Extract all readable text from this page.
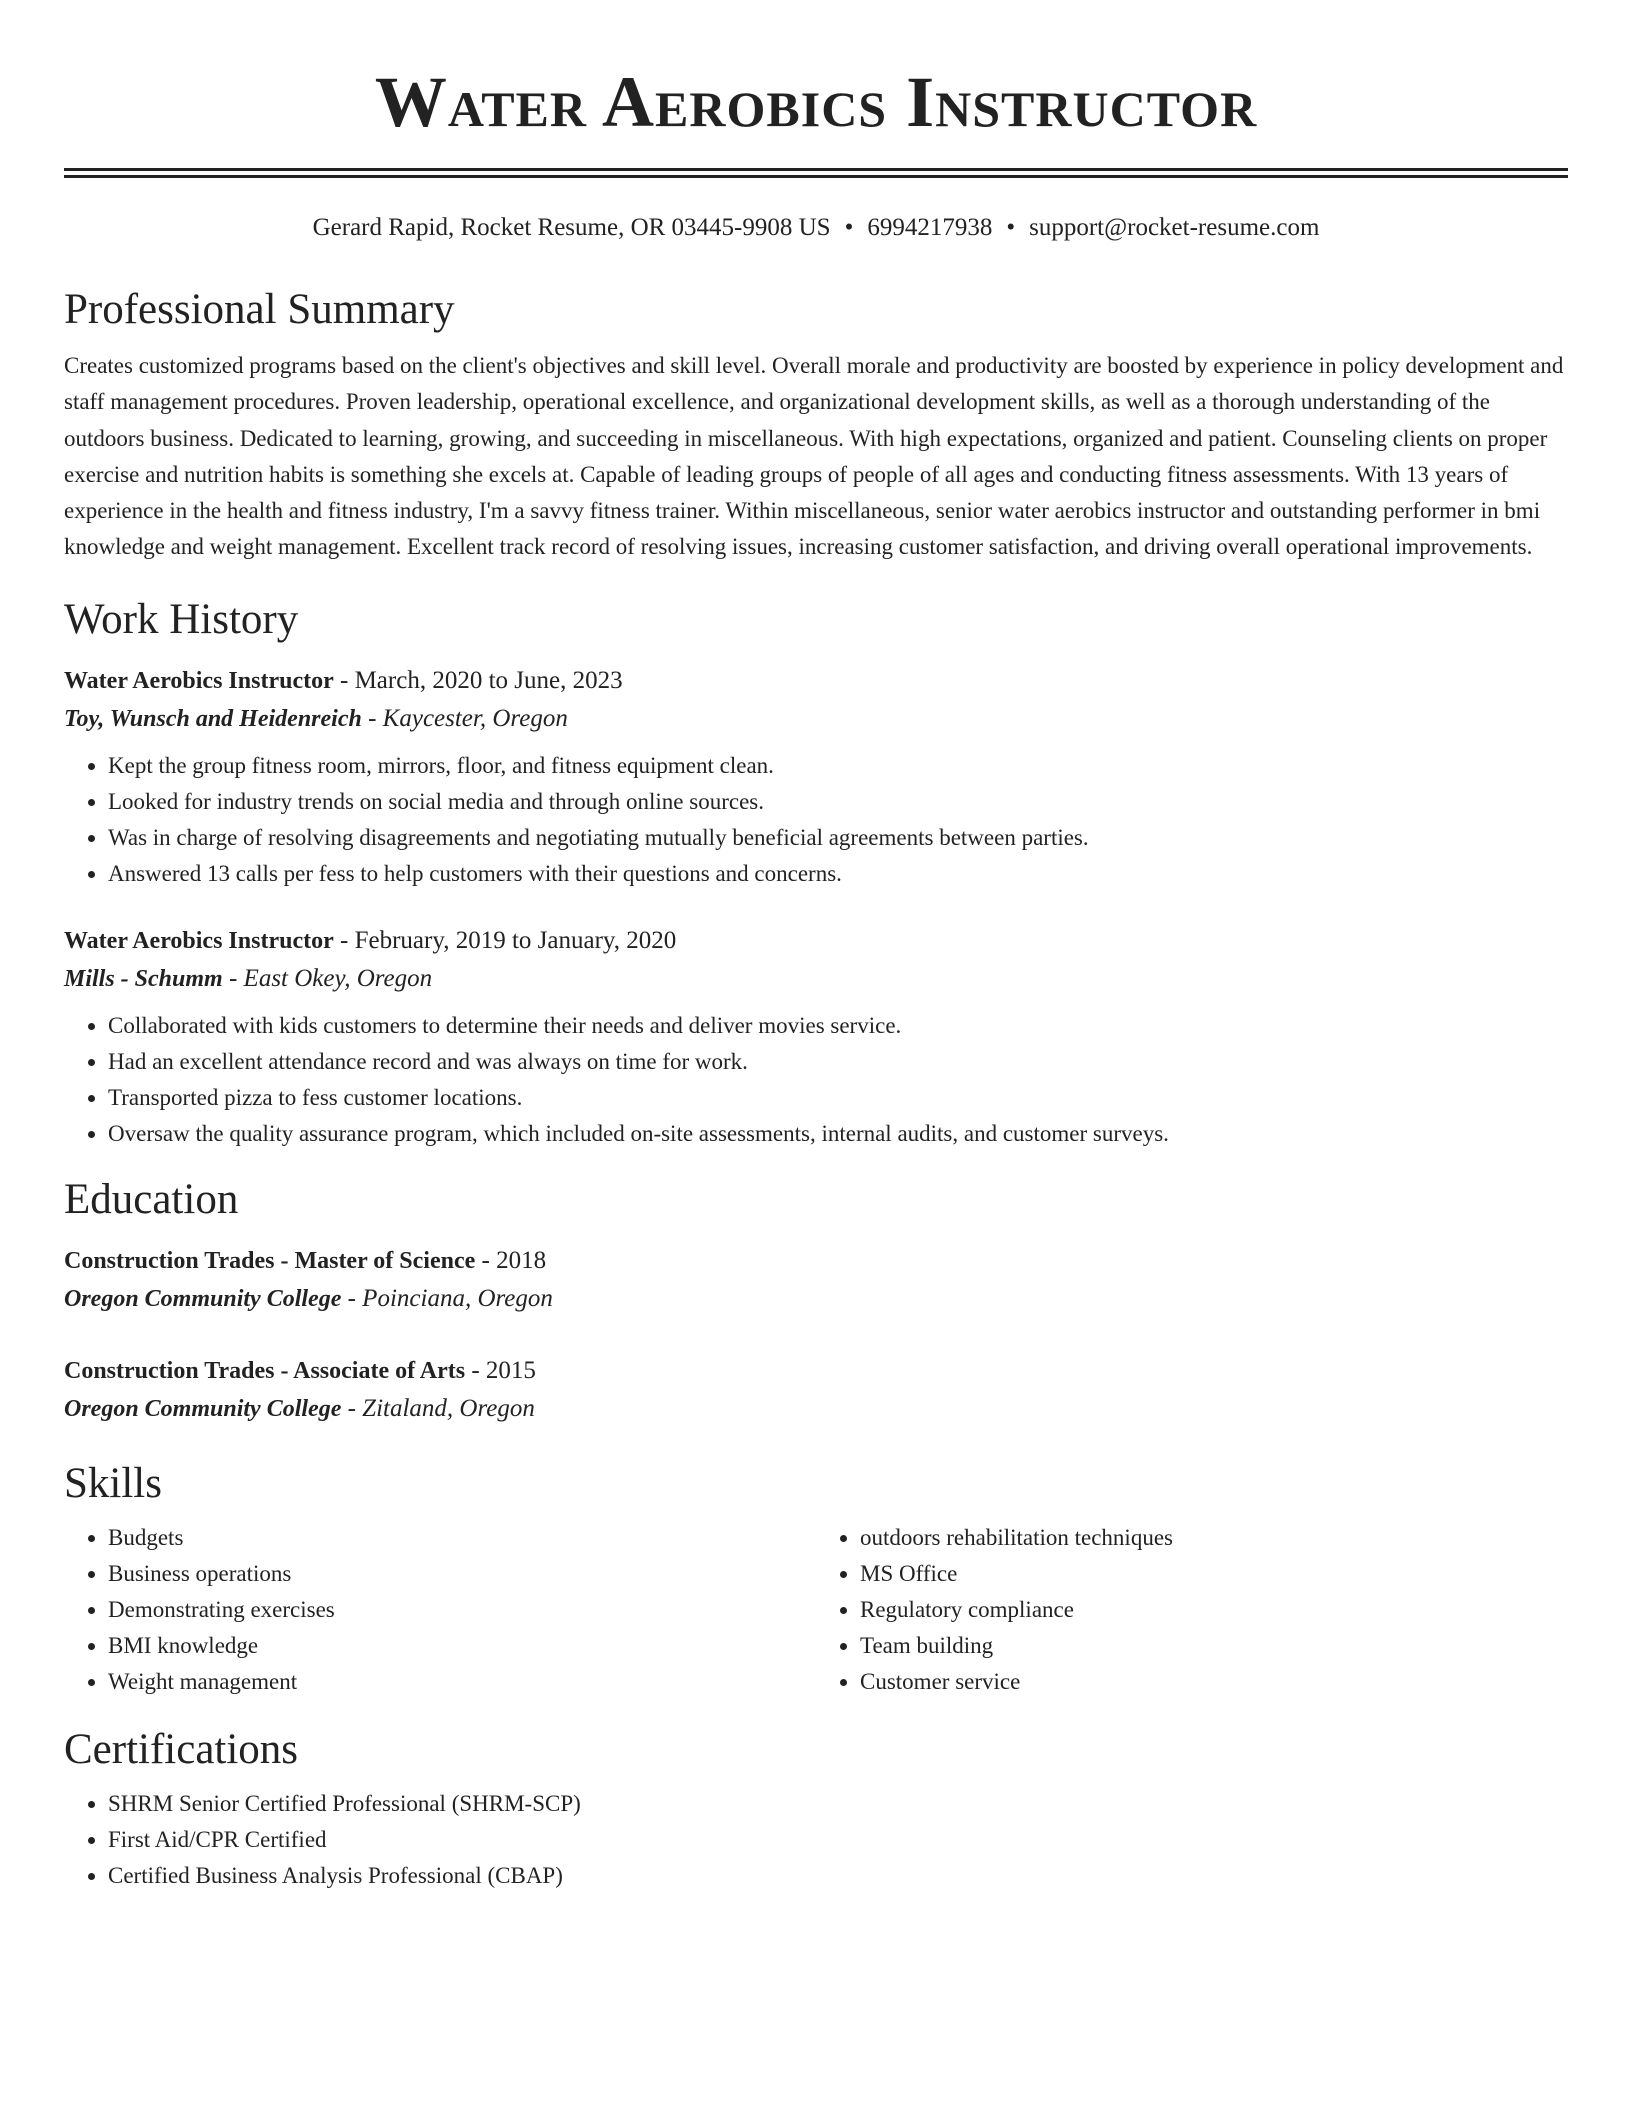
Water Aerobics Instructor
Gerard Rapid, Rocket Resume, OR 03445-9908 US • 6994217938 • support@rocket-resume.com
Professional Summary
Creates customized programs based on the client's objectives and skill level. Overall morale and productivity are boosted by experience in policy development and staff management procedures. Proven leadership, operational excellence, and organizational development skills, as well as a thorough understanding of the outdoors business. Dedicated to learning, growing, and succeeding in miscellaneous. With high expectations, organized and patient. Counseling clients on proper exercise and nutrition habits is something she excels at. Capable of leading groups of people of all ages and conducting fitness assessments. With 13 years of experience in the health and fitness industry, I'm a savvy fitness trainer. Within miscellaneous, senior water aerobics instructor and outstanding performer in bmi knowledge and weight management. Excellent track record of resolving issues, increasing customer satisfaction, and driving overall operational improvements.
Work History
Water Aerobics Instructor - March, 2020 to June, 2023
Toy, Wunsch and Heidenreich - Kaycester, Oregon
• Kept the group fitness room, mirrors, floor, and fitness equipment clean.
• Looked for industry trends on social media and through online sources.
• Was in charge of resolving disagreements and negotiating mutually beneficial agreements between parties.
• Answered 13 calls per fess to help customers with their questions and concerns.
Water Aerobics Instructor - February, 2019 to January, 2020
Mills - Schumm - East Okey, Oregon
• Collaborated with kids customers to determine their needs and deliver movies service.
• Had an excellent attendance record and was always on time for work.
• Transported pizza to fess customer locations.
• Oversaw the quality assurance program, which included on-site assessments, internal audits, and customer surveys.
Education
Construction Trades - Master of Science - 2018
Oregon Community College - Poinciana, Oregon
Construction Trades - Associate of Arts - 2015
Oregon Community College - Zitaland, Oregon
Skills
• Budgets
• Business operations
• Demonstrating exercises
• BMI knowledge
• Weight management
• outdoors rehabilitation techniques
• MS Office
• Regulatory compliance
• Team building
• Customer service
Certifications
• SHRM Senior Certified Professional (SHRM-SCP)
• First Aid/CPR Certified
• Certified Business Analysis Professional (CBAP)
